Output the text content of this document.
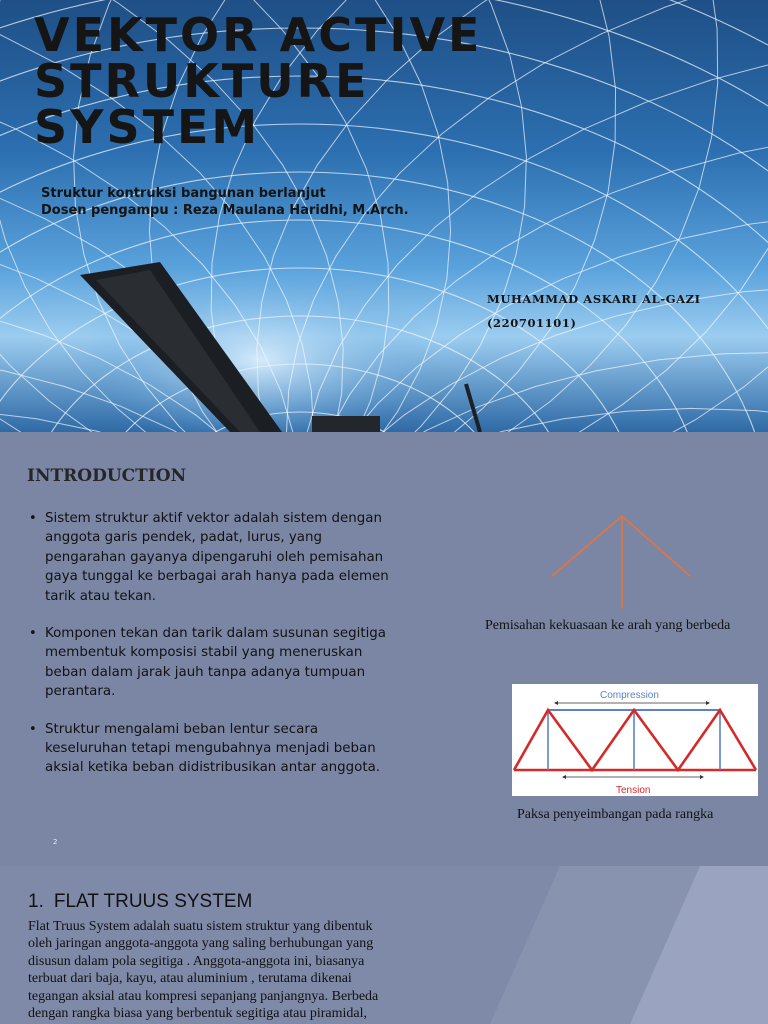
VEKTOR ACTIVE
STRUKTURE
SYSTEM

Struktur kontruksi bangunan berlanjut

Dosen pengampu : Reza Maulana Haridhi, M.Arch.

MUHAMMAD ASKARI AL-GAZI

(220701101)

INTRODUCTION
• Sistem struktur aktif vektor adalah sistem dengan
anggota garis pendek, padat, lurus, yang
pengarahan gayanya dipengaruhi oleh pemisahan
gaya tunggal ke berbagai arah hanya pada elemen
tarik atau tekan.
• Komponen tekan dan tarik dalam susunan segitiga
membentuk komposisi stabil yang meneruskan
beban dalam jarak jauh tanpa adanya tumpuan
perantara.
• Struktur mengalami beban lentur secara
keseluruhan tetapi mengubahnya menjadi beban
aksial ketika beban didistribusikan antar anggota.

Pemisahan kekuasaan ke arah yang berbeda

Compression
Tension

Paksa penyeimbangan pada rangka

2

1. FLAT TRUUS SYSTEM

Flat Truus System adalah suatu sistem struktur yang dibentuk
oleh jaringan anggota-anggota yang saling berhubungan yang
disusun dalam pola segitiga . Anggota-anggota ini, biasanya
terbuat dari baja, kayu, atau aluminium , terutama dikenai
tegangan aksial atau kompresi sepanjang panjangnya. Berbeda
dengan rangka biasa yang berbentuk segitiga atau piramidal,
